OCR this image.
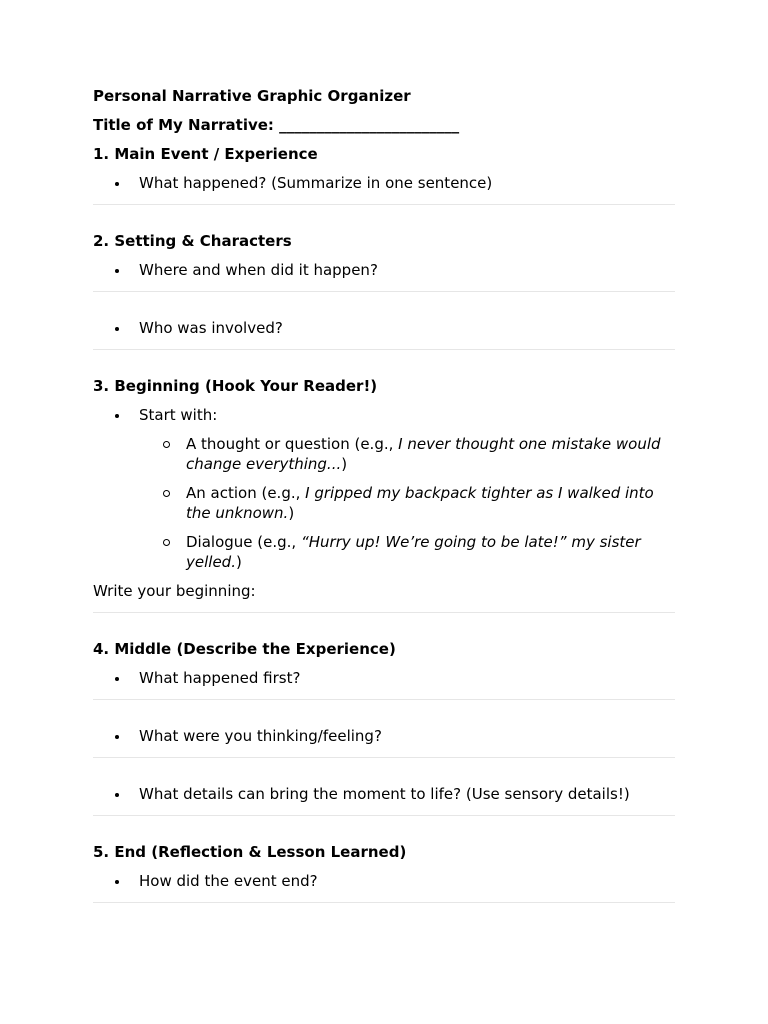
Personal Narrative Graphic Organizer

Title of My Narrative: ________________________

1. Main Event / Experience

What happened? (Summarize in one sentence)

2. Setting & Characters

Where and when did it happen?
Who was involved?

3. Beginning (Hook Your Reader!)

Start with:
A thought or question (e.g., I never thought one mistake would change everything...)
An action (e.g., I gripped my backpack tighter as I walked into the unknown.)
Dialogue (e.g., “Hurry up! We’re going to be late!” my sister yelled.)

Write your beginning:

4. Middle (Describe the Experience)

What happened first?
What were you thinking/feeling?
What details can bring the moment to life? (Use sensory details!)

5. End (Reflection & Lesson Learned)

How did the event end?
